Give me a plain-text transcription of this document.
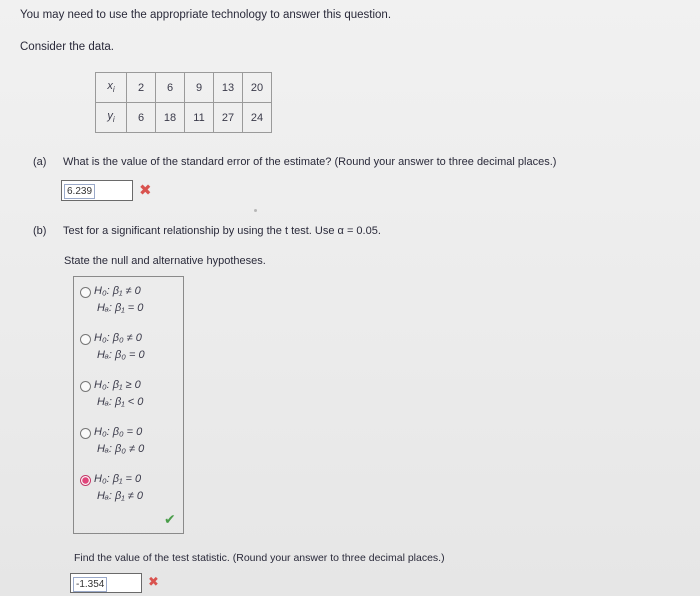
You may need to use the appropriate technology to answer this question.
Consider the data.
$x_i$	2	6	9	13	20
$y_i$	6	18	11	27	24
(a) What is the value of the standard error of the estimate? (Round your answer to three decimal places.)
6.239	✖
(b) Test for a significant relationship by using the t test. Use α = 0.05.
State the null and alternative hypotheses.
H₀: β₁ ≠ 0
Hₐ: β₁ = 0
H₀: β₀ ≠ 0
Hₐ: β₀ = 0
H₀: β₁ ≥ 0
Hₐ: β₁ < 0
H₀: β₀ = 0
Hₐ: β₀ ≠ 0
H₀: β₁ = 0
Hₐ: β₁ ≠ 0
✔
Find the value of the test statistic. (Round your answer to three decimal places.)
-1.354	✖
